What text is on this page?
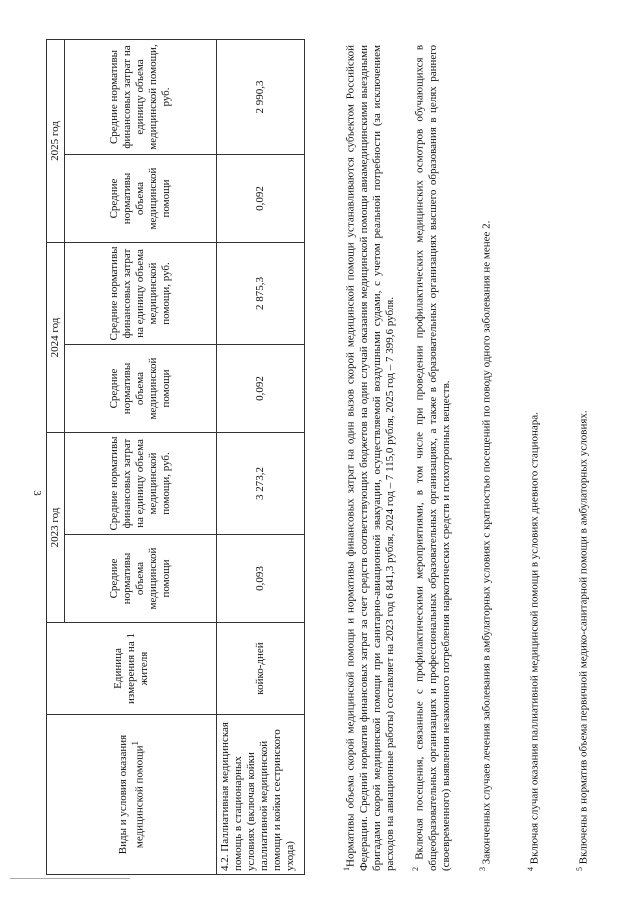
3
Виды и условия оказания медицинской помощи$^1$	Единица измерения на 1 жителя	2023 год		2024 год		2025 год	
		Средние нормативы объема медицинской помощи	Средние нормативы финансовых затрат на единицу объема медицинской помощи, руб.	Средние нормативы объема медицинской помощи	Средние нормативы финансовых затрат на единицу объема медицинской помощи, руб.	Средние нормативы объема медицинской помощи	Средние нормативы финансовых затрат на единицу объема медицинской помощи, руб.
4.2. Паллиативная медицинская помощь в стационарных условиях (включая койки паллиативной медицинской помощи и койки сестринского ухода)	койко-дней	0,093	3 273,2	0,092	2 875,3	0,092	2 990,3
$^1$Нормативы объема скорой медицинской помощи и нормативы финансовых затрат на один вызов скорой медицинской помощи устанавливаются субъектом Российской Федерации. Средний норматив финансовых затрат за счет средств соответствующих бюджетов на один случай оказания медицинской помощи авиамедицинскими выездными бригадами скорой медицинской помощи при санитарно-авиационной эвакуации, осуществляемой воздушными судами, с учетом реальной потребности (за исключением расходов на авиационные работы) составляет на 2023 год 6 841,3 рубля, 2024 год – 7 115,0 рубля, 2025 год – 7 399,6 рубля. $^2$ Включая посещения, связанные с профилактическими мероприятиями, в том числе при проведении профилактических медицинских осмотров обучающихся в общеобразовательных организациях и профессиональных образовательных организациях, а также в образовательных организациях высшего образования в целях раннего (своевременного) выявления незаконного потребления наркотических средств и психотропных веществ.	$^3$ Законченных случаев лечения заболевания в амбулаторных условиях с кратностью посещений по поводу одного заболевания не менее 2.
$^4$ Включая случаи оказания паллиативной медицинской помощи в условиях дневного стационара.
$^5$ Включены в норматив объема первичной медико-санитарной помощи в амбулаторных условиях.
